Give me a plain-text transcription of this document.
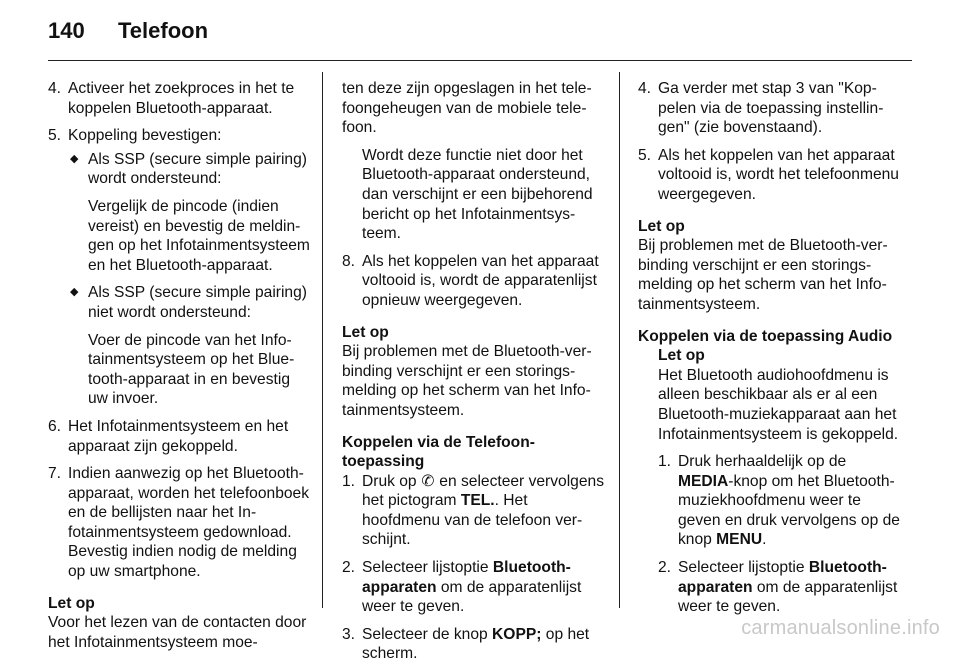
140 Telefoon
4. Activeer het zoekproces in het te koppelen Bluetooth-apparaat.
5. Koppeling bevestigen:
◆ Als SSP (secure simple pairing) wordt ondersteund:
Vergelijk de pincode (indien vereist) en bevestig de meldingen op het Infotainmentsysteem en het Bluetooth-apparaat.
◆ Als SSP (secure simple pairing) niet wordt ondersteund:
Voer de pincode van het Infotainmentsysteem op het Bluetooth-apparaat in en bevestig uw invoer.
6. Het Infotainmentsysteem en het apparaat zijn gekoppeld.
7. Indien aanwezig op het Bluetooth-apparaat, worden het telefoonboek en de bellijsten naar het Infotainmentsysteem gedownload. Bevestig indien nodig de melding op uw smartphone.

Let op

Voor het lezen van de contacten door het Infotainmentsysteem moe-

ten deze zijn opgeslagen in het telefoongeheugen van de mobiele telefoon.

Wordt deze functie niet door het Bluetooth-apparaat ondersteund, dan verschijnt er een bijbehorend bericht op het Infotainmentsysteem.

8. Als het koppelen van het apparaat voltooid is, wordt de apparatenlijst opnieuw weergegeven.

Let op

Bij problemen met de Bluetooth-verbinding verschijnt er een storingsmelding op het scherm van het Infotainmentsysteem.

Koppelen via de Telefoon-toepassing

1. Druk op ✆ en selecteer vervolgens het pictogram TEL.. Het hoofdmenu van de telefoon verschijnt.
2. Selecteer lijstoptie Bluetooth-apparaten om de apparatenlijst weer te geven.
3. Selecteer de knop KOPP; op het scherm.
4. Ga verder met stap 3 van "Koppelen via de toepassing instellingen" (zie bovenstaand).
5. Als het koppelen van het apparaat voltooid is, wordt het telefoonmenu weergegeven.

Let op

Bij problemen met de Bluetooth-verbinding verschijnt er een storingsmelding op het scherm van het Infotainmentsysteem.

Koppelen via de toepassing Audio

Let op

Het Bluetooth audiohoofdmenu is alleen beschikbaar als er al een Bluetooth-muziekapparaat aan het Infotainmentsysteem is gekoppeld.

1. Druk herhaaldelijk op de MEDIA-knop om het Bluetooth-muziekhoofdmenu weer te geven en druk vervolgens op de knop MENU.
2. Selecteer lijstoptie Bluetooth-apparaten om de apparatenlijst weer te geven.
carmanualsonline.info
